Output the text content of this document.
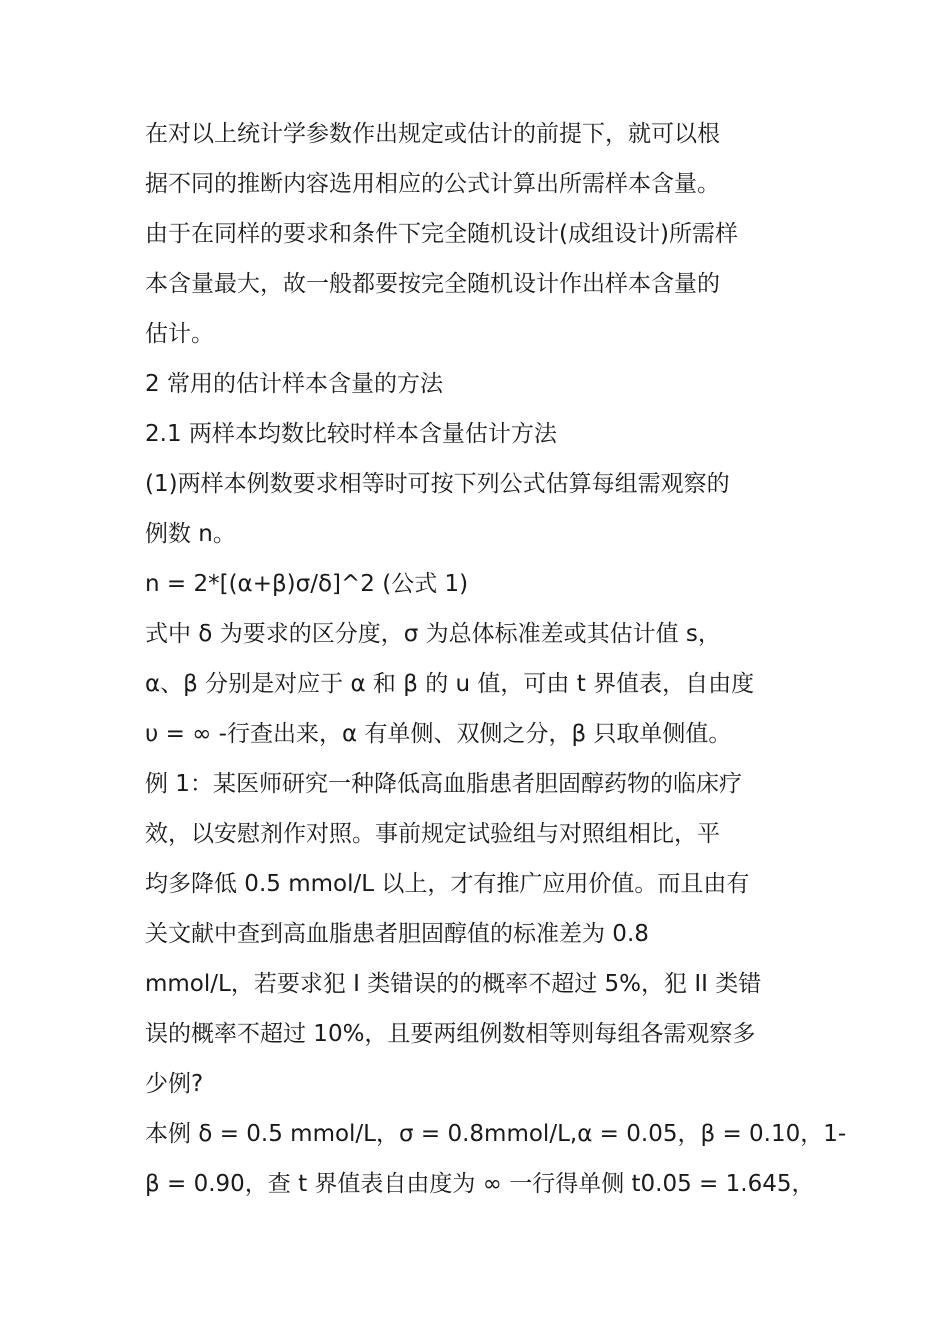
在对以上统计学参数作出规定或估计的前提下，就可以根
据不同的推断内容选用相应的公式计算出所需样本含量。
由于在同样的要求和条件下完全随机设计(成组设计)所需样
本含量最大，故一般都要按完全随机设计作出样本含量的
估计。
2 常用的估计样本含量的方法
2.1 两样本均数比较时样本含量估计方法
(1)两样本例数要求相等时可按下列公式估算每组需观察的
例数 n。
n = 2*[(α+β)σ/δ]^2 (公式 1)
式中 δ 为要求的区分度，σ 为总体标准差或其估计值 s，
α、β 分别是对应于 α 和 β 的 u 值，可由 t 界值表，自由度
υ = ∞ -行查出来，α 有单侧、双侧之分，β 只取单侧值。
例 1：某医师研究一种降低高血脂患者胆固醇药物的临床疗
效，以安慰剂作对照。事前规定试验组与对照组相比，平
均多降低 0.5 mmol/L 以上，才有推广应用价值。而且由有
关文献中查到高血脂患者胆固醇值的标准差为 0.8
mmol/L，若要求犯 I 类错误的的概率不超过 5%，犯 II 类错
误的概率不超过 10%，且要两组例数相等则每组各需观察多
少例?
本例 δ = 0.5 mmol/L，σ = 0.8mmol/L,α = 0.05，β = 0.10，1-
β = 0.90，查 t 界值表自由度为 ∞ 一行得单侧 t0.05 = 1.645，
